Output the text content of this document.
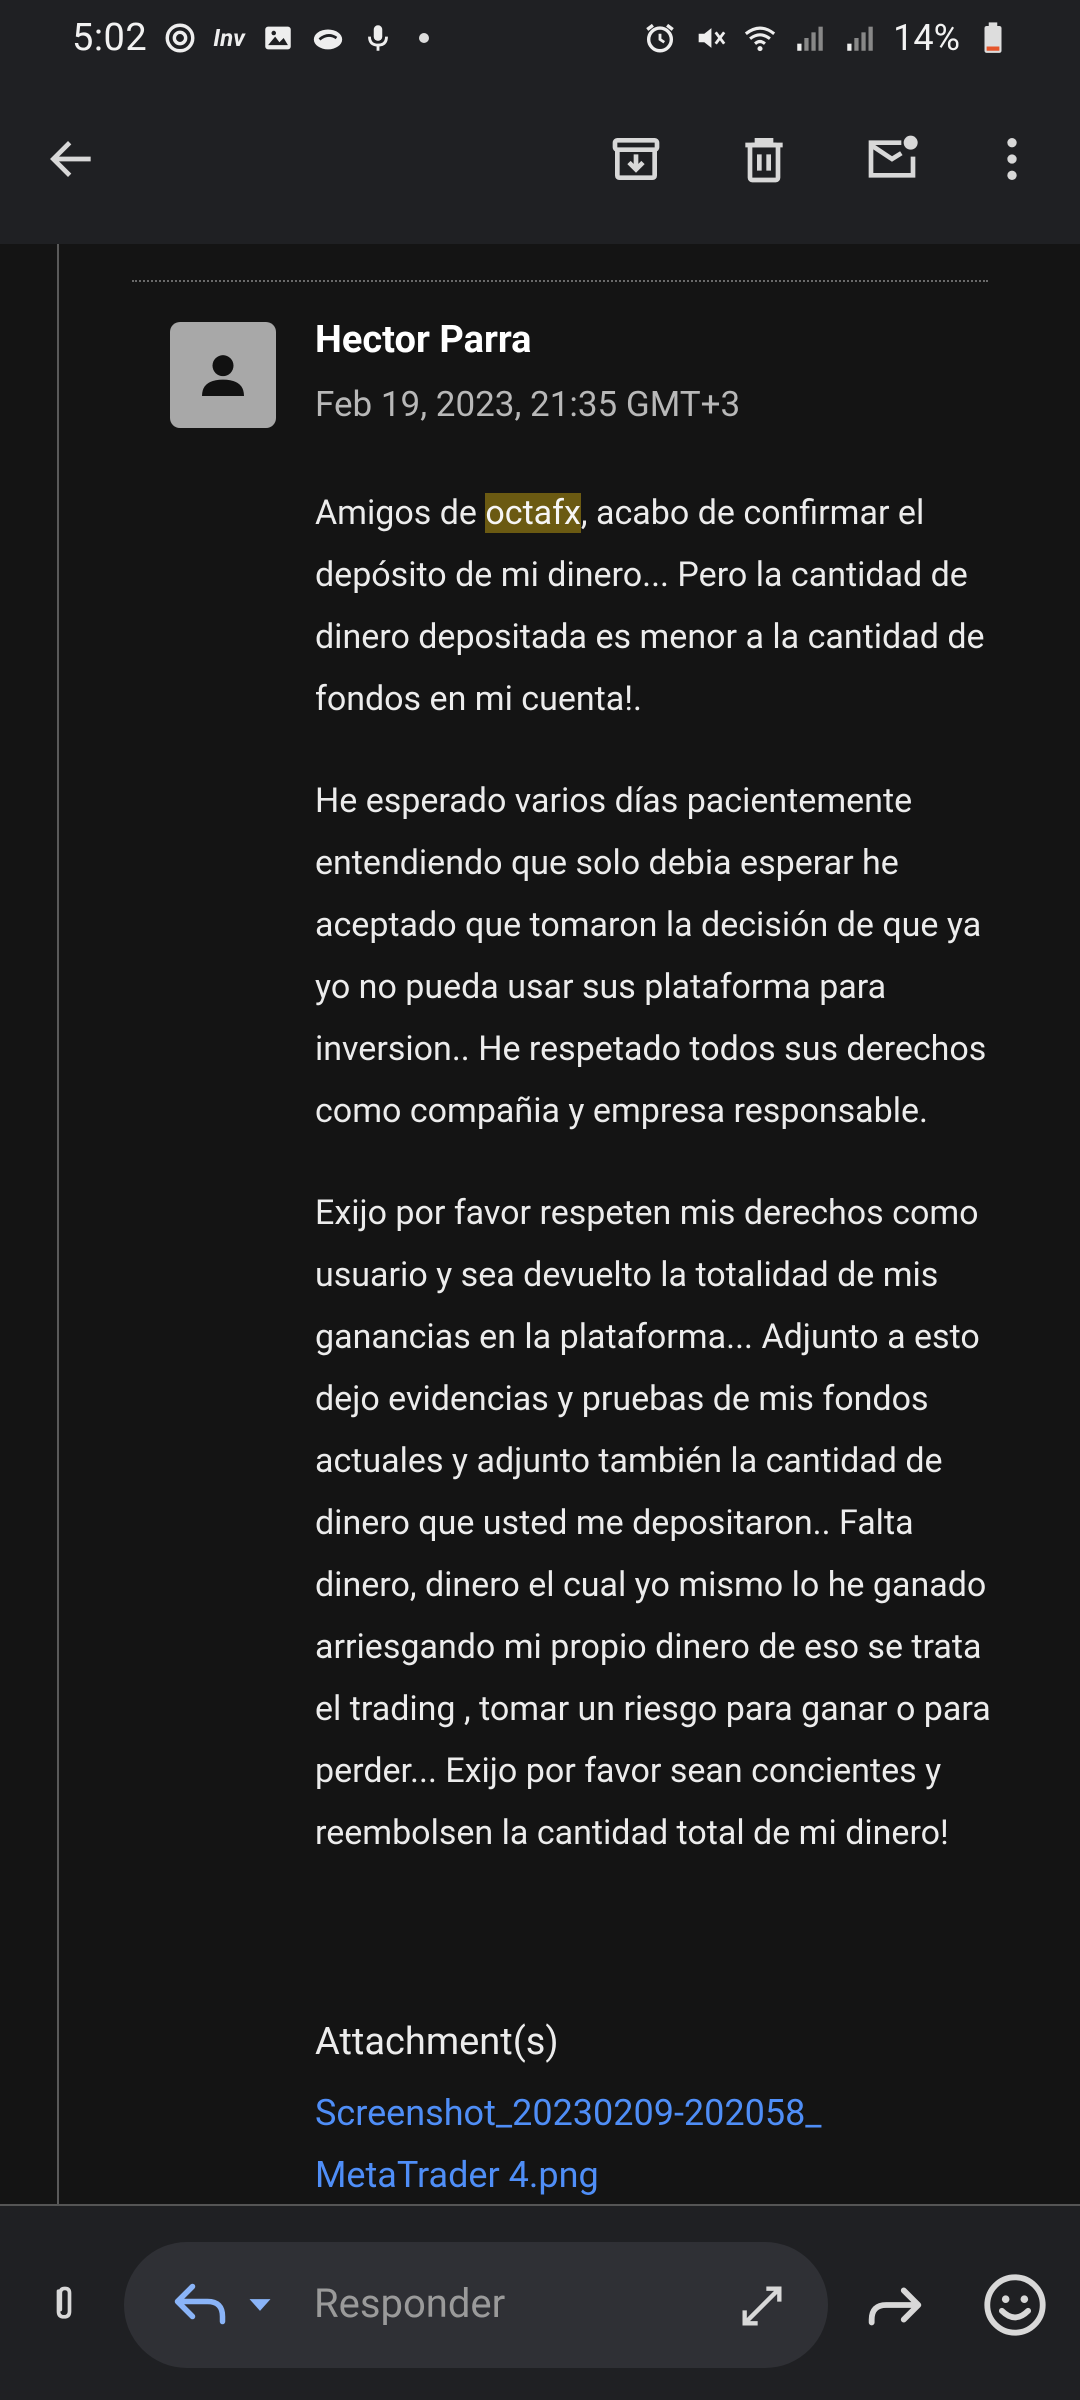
5:02	Inv	14%
Hector Parra
Feb 19, 2023, 21:35 GMT+3

Amigos de octafx, acabo de confirmar el depósito de mi dinero... Pero la cantidad de dinero depositada es menor a la cantidad de fondos en mi cuenta!.

He esperado varios días pacientemente entendiendo que solo debia esperar he aceptado que tomaron la decisión de que ya yo no pueda usar sus plataforma para inversion.. He respetado todos sus derechos como compañia y empresa responsable.

Exijo por favor respeten mis derechos como usuario y sea devuelto la totalidad de mis ganancias en la plataforma... Adjunto a esto dejo evidencias y pruebas de mis fondos actuales y adjunto también la cantidad de dinero que usted me depositaron.. Falta dinero, dinero el cual yo mismo lo he ganado arriesgando mi propio dinero de eso se trata el trading , tomar un riesgo para ganar o para perder... Exijo por favor sean concientes y reembolsen la cantidad total de mi dinero!

Attachment(s)
Screenshot_20230209-202058_
MetaTrader 4.png
Responder
